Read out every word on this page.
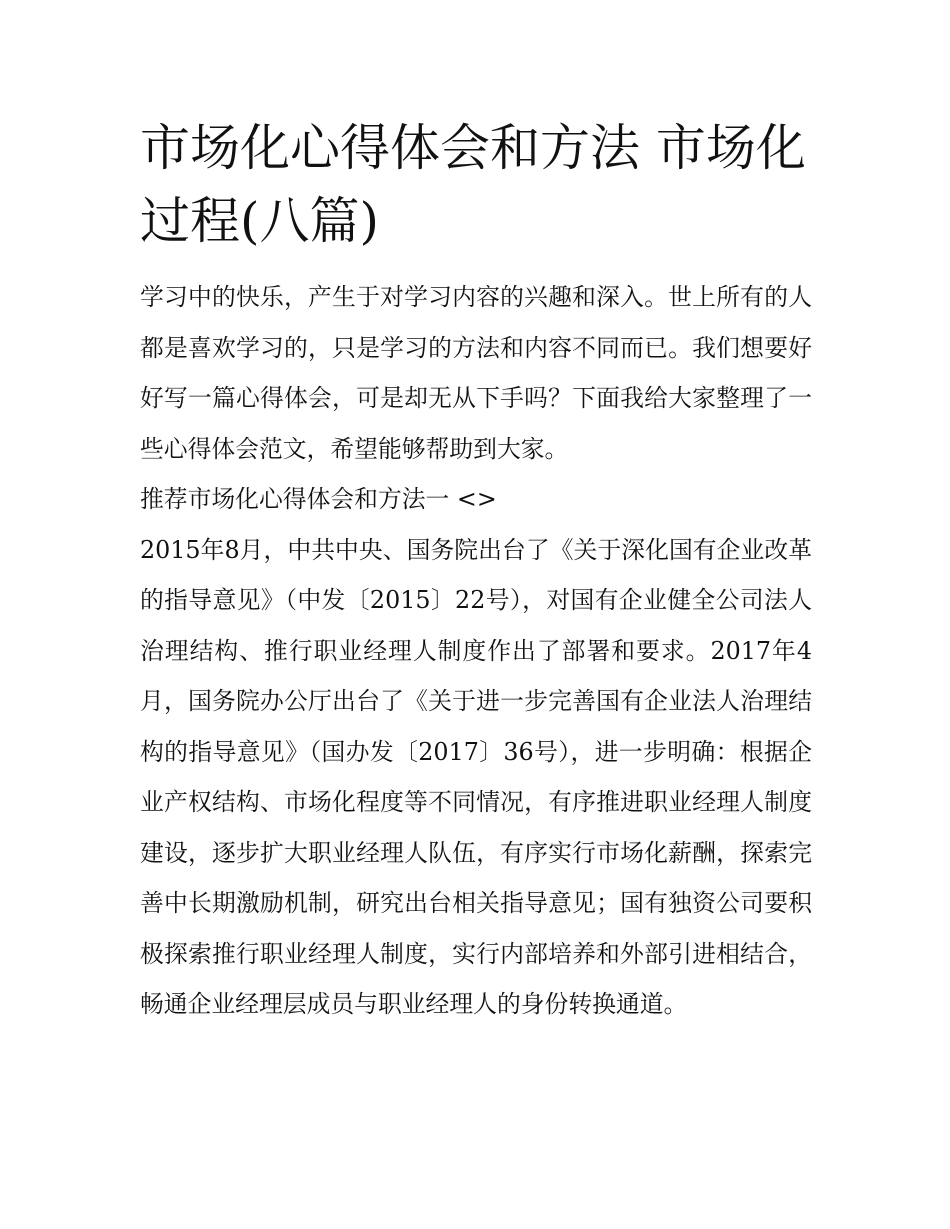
市场化心得体会和方法 市场化过程(八篇)

学习中的快乐，产生于对学习内容的兴趣和深入。世上所有的人都是喜欢学习的，只是学习的方法和内容不同而已。我们想要好好写一篇心得体会，可是却无从下手吗？下面我给大家整理了一些心得体会范文，希望能够帮助到大家。

推荐市场化心得体会和方法一 <>

2015年8月，中共中央、国务院出台了《关于深化国有企业改革的指导意见》（中发〔2015〕22号），对国有企业健全公司法人治理结构、推行职业经理人制度作出了部署和要求。2017年4月，国务院办公厅出台了《关于进一步完善国有企业法人治理结构的指导意见》（国办发〔2017〕36号），进一步明确：根据企业产权结构、市场化程度等不同情况，有序推进职业经理人制度建设，逐步扩大职业经理人队伍，有序实行市场化薪酬，探索完善中长期激励机制，研究出台相关指导意见；国有独资公司要积极探索推行职业经理人制度，实行内部培养和外部引进相结合，畅通企业经理层成员与职业经理人的身份转换通道。
